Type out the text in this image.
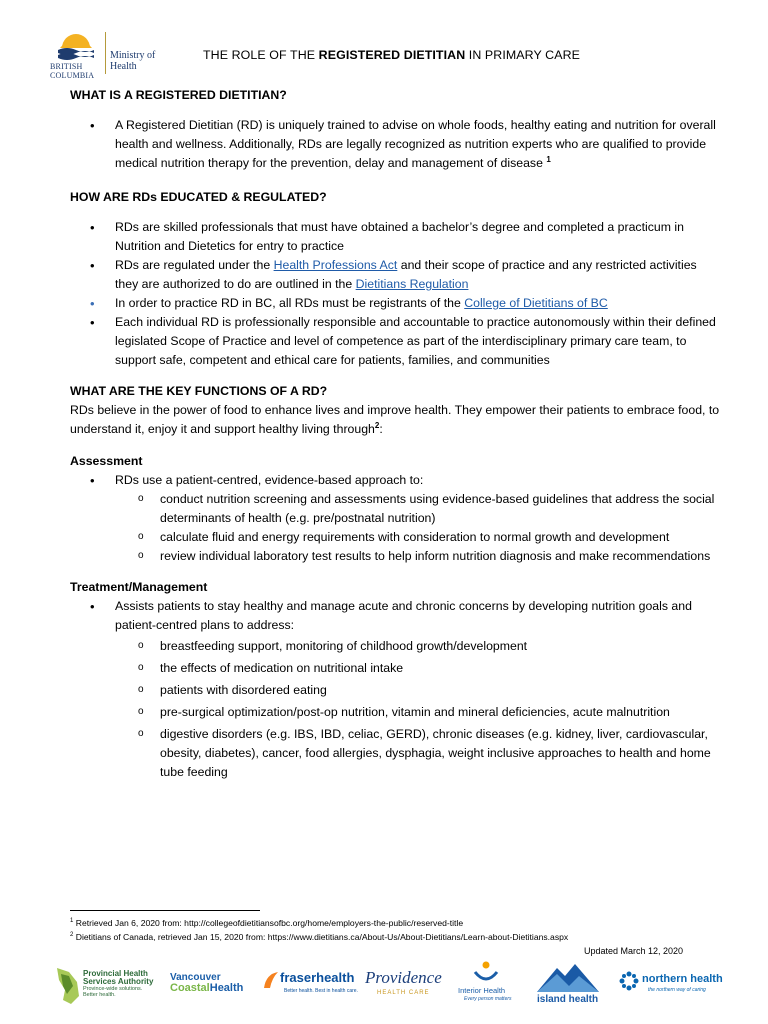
BRITISH
COLUMBIA
Ministry of
Health
THE ROLE OF THE REGISTERED DIETITIAN IN PRIMARY CARE
WHAT IS A REGISTERED DIETITIAN?
• A Registered Dietitian (RD) is uniquely trained to advise on whole foods, healthy eating and nutrition for overall health and wellness. Additionally, RDs are legally recognized as nutrition experts who are qualified to provide medical nutrition therapy for the prevention, delay and management of disease $^1$
HOW ARE RDs EDUCATED & REGULATED?
• RDs are skilled professionals that must have obtained a bachelor’s degree and completed a practicum in Nutrition and Dietetics for entry to practice
• RDs are regulated under the Health Professions Act and their scope of practice and any restricted activities they are authorized to do are outlined in the Dietitians Regulation
• In order to practice RD in BC, all RDs must be registrants of the College of Dietitians of BC
• Each individual RD is professionally responsible and accountable to practice autonomously within their defined legislated Scope of Practice and level of competence as part of the interdisciplinary primary care team, to support safe, competent and ethical care for patients, families, and communities
WHAT ARE THE KEY FUNCTIONS OF A RD?
RDs believe in the power of food to enhance lives and improve health. They empower their patients to embrace food, to understand it, enjoy it and support healthy living through$^2$:
Assessment
• RDs use a patient-centred, evidence-based approach to:
o conduct nutrition screening and assessments using evidence-based guidelines that address the social determinants of health (e.g. pre/postnatal nutrition)
o calculate fluid and energy requirements with consideration to normal growth and development
o review individual laboratory test results to help inform nutrition diagnosis and make recommendations
Treatment/Management
• Assists patients to stay healthy and manage acute and chronic concerns by developing nutrition goals and patient-centred plans to address:
o breastfeeding support, monitoring of childhood growth/development
o the effects of medication on nutritional intake
o patients with disordered eating
o pre-surgical optimization/post-op nutrition, vitamin and mineral deficiencies, acute malnutrition
o digestive disorders (e.g. IBS, IBD, celiac, GERD), chronic diseases (e.g. kidney, liver, cardiovascular, obesity, diabetes), cancer, food allergies, dysphagia, weight inclusive approaches to health and home tube feeding
$^1$ Retrieved Jan 6, 2020 from: http://collegeofdietitiansofbc.org/home/employers-the-public/reserved-title
$^2$ Dietitians of Canada, retrieved Jan 15, 2020 from: https://www.dietitians.ca/About-Us/About-Dietitians/Learn-about-Dietitians.aspx
Updated March 12, 2020
Provincial Health
Services Authority
Province-wide solutions.
Better health.
Vancouver
CoastalHealth
fraserhealth
Better health. Best in health care.
Providence
HEALTH CARE	Interior Health
Every person matters	island health
northern health
the northern way of caring
